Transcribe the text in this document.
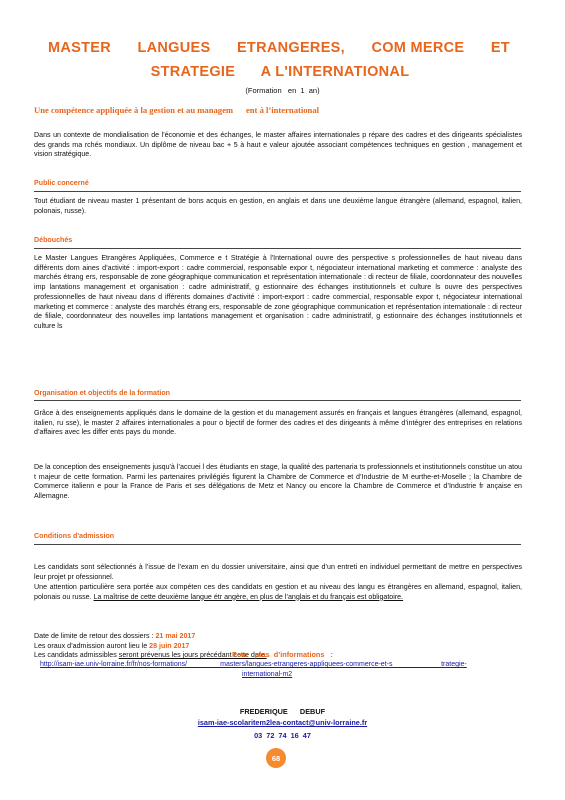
MASTER LANGUES ETRANGERES, COM MERCE ET
STRATEGIE      A L'INTERNATIONAL
(Formation   en  1  an)
Une compétence appliquée à la gestion et au managem      ent à l’international

Dans un contexte de mondialisation de l'économie et des échanges, le master affaires internationales p répare des cadres et des dirigeants spécialistes des grands ma rchés mondiaux. Un diplôme de niveau bac + 5 à haut e valeur ajoutée associant compétences techniques en gestion , management et vision stratégique.

Public concerné

Tout étudiant de niveau master 1 présentant de bons acquis en gestion, en anglais et dans une deuxième langue étrangère (allemand, espagnol, italien, polonais, russe).

Débouchés

Le Master Langues Etrangères Appliquées, Commerce e t Stratégie à l'International ouvre des perspective s professionnelles de haut niveau dans différents dom aines d’activité : import-export : cadre commercial, responsable expor t, négociateur international marketing et commerce : analyste des marchés étrang ers, responsable de zone géographique communication et représentation internationale : di recteur de filiale, coordonnateur des nouvelles imp lantations management et organisation : cadre administratif, g estionnaire des échanges institutionnels et culture ls ouvre des perspectives professionnelles de haut niveau dans d ifférents domaines d’activité : import-export : cadre commercial, responsable expor t, négociateur international marketing et commerce : analyste des marchés étrang ers, responsable de zone géographique communication et représentation internationale : di recteur de filiale, coordonnateur des nouvelles imp lantations management et organisation : cadre administratif, g estionnaire des échanges institutionnels et culture ls

Organisation et objectifs de la formation

Grâce à des enseignements appliqués dans le domaine de la gestion et du management assurés en français et langues étrangères (allemand, espagnol, italien, ru sse), le master 2 affaires internationales a pour o bjectif de former des cadres et des dirigeants à même d’intégrer des entreprises en relations d’affaires avec les differ ents pays du monde.

De la conception des enseignements jusqu'à l’accuei l des étudiants en stage, la qualité des partenaria ts professionnels et institutionnels constitue un atou t majeur de cette formation. Parmi les partenaires privilégiés figurent la Chambre de Commerce et d’Industrie de M eurthe-et-Moselle ; la Chambre de Commerce italienn e pour la France de Paris et ses délégations de Metz et Nancy ou encore la Chambre de Commerce et d’Industrie fr ançaise en Allemagne.

Conditions d'admission

Les candidats sont sélectionnés à l’issue de l’exam en du dossier universitaire, ainsi que d’un entreti en individuel permettant de mettre en perspectives leur projet pr ofessionnel.

Une attention particulière sera portée aux compéten ces des candidats en gestion et au niveau des langu es étrangères en allemand, espagnol, italien, polonais ou russe. La maîtrise de cette deuxième langue étr angère, en plus de l’anglais et du français est obligatoire.

Date de limite de retour des dossiers : 21 mai 2017

Les oraux d’admission auront lieu le 28 juin 2017

Les candidats admissibles seront prévenus les jours précédant cette date.

Pour   plus  d’informations   :
http://isam-iae.univ-lorraine.fr/fr/nos-formations/                 masters/langues-etrangeres-appliquees-commerce-et-s                         trategie-
international-m2
FREDERIQUE      DEBUF
isam-iae-scolaritem2lea-contact@univ-lorraine.fr
03  72  74  16  47
68
